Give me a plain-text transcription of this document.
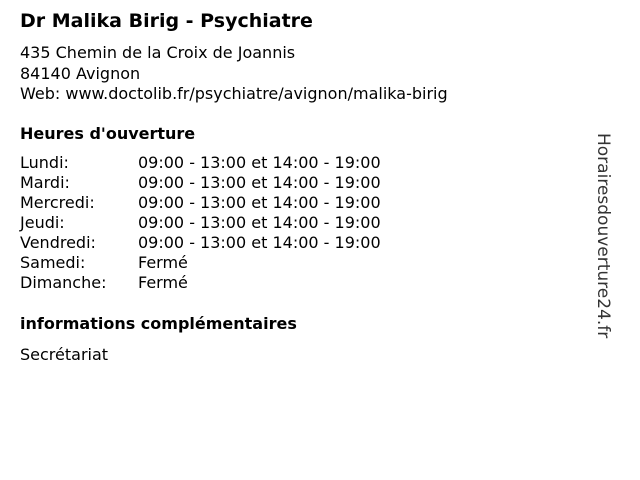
Dr Malika Birig - Psychiatre
435 Chemin de la Croix de Joannis
84140 Avignon
Web: www.doctolib.fr/psychiatre/avignon/malika-birig
Heures d'ouverture
Lundi:	09:00 - 13:00 et 14:00 - 19:00
Mardi:	09:00 - 13:00 et 14:00 - 19:00
Mercredi:	09:00 - 13:00 et 14:00 - 19:00
Jeudi:	09:00 - 13:00 et 14:00 - 19:00
Vendredi:	09:00 - 13:00 et 14:00 - 19:00
Samedi:	Fermé
Dimanche: Fermé
informations complémentaires
Secrétariat
Horairesdouverture24.fr
